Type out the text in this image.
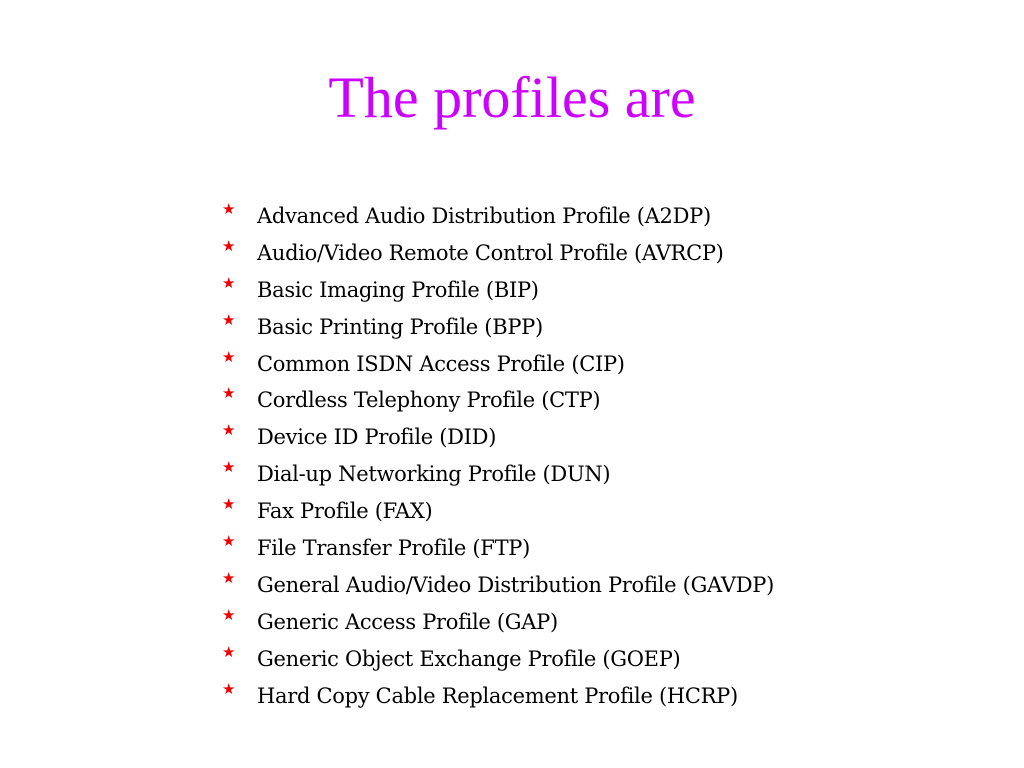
The profiles are
★ Advanced Audio Distribution Profile (A2DP)
★ Audio/Video Remote Control Profile (AVRCP)
★ Basic Imaging Profile (BIP)
★ Basic Printing Profile (BPP)
★ Common ISDN Access Profile (CIP)
★ Cordless Telephony Profile (CTP)
★ Device ID Profile (DID)
★ Dial-up Networking Profile (DUN)
★ Fax Profile (FAX)
★ File Transfer Profile (FTP)
★ General Audio/Video Distribution Profile (GAVDP)
★ Generic Access Profile (GAP)
★ Generic Object Exchange Profile (GOEP)
★ Hard Copy Cable Replacement Profile (HCRP)
